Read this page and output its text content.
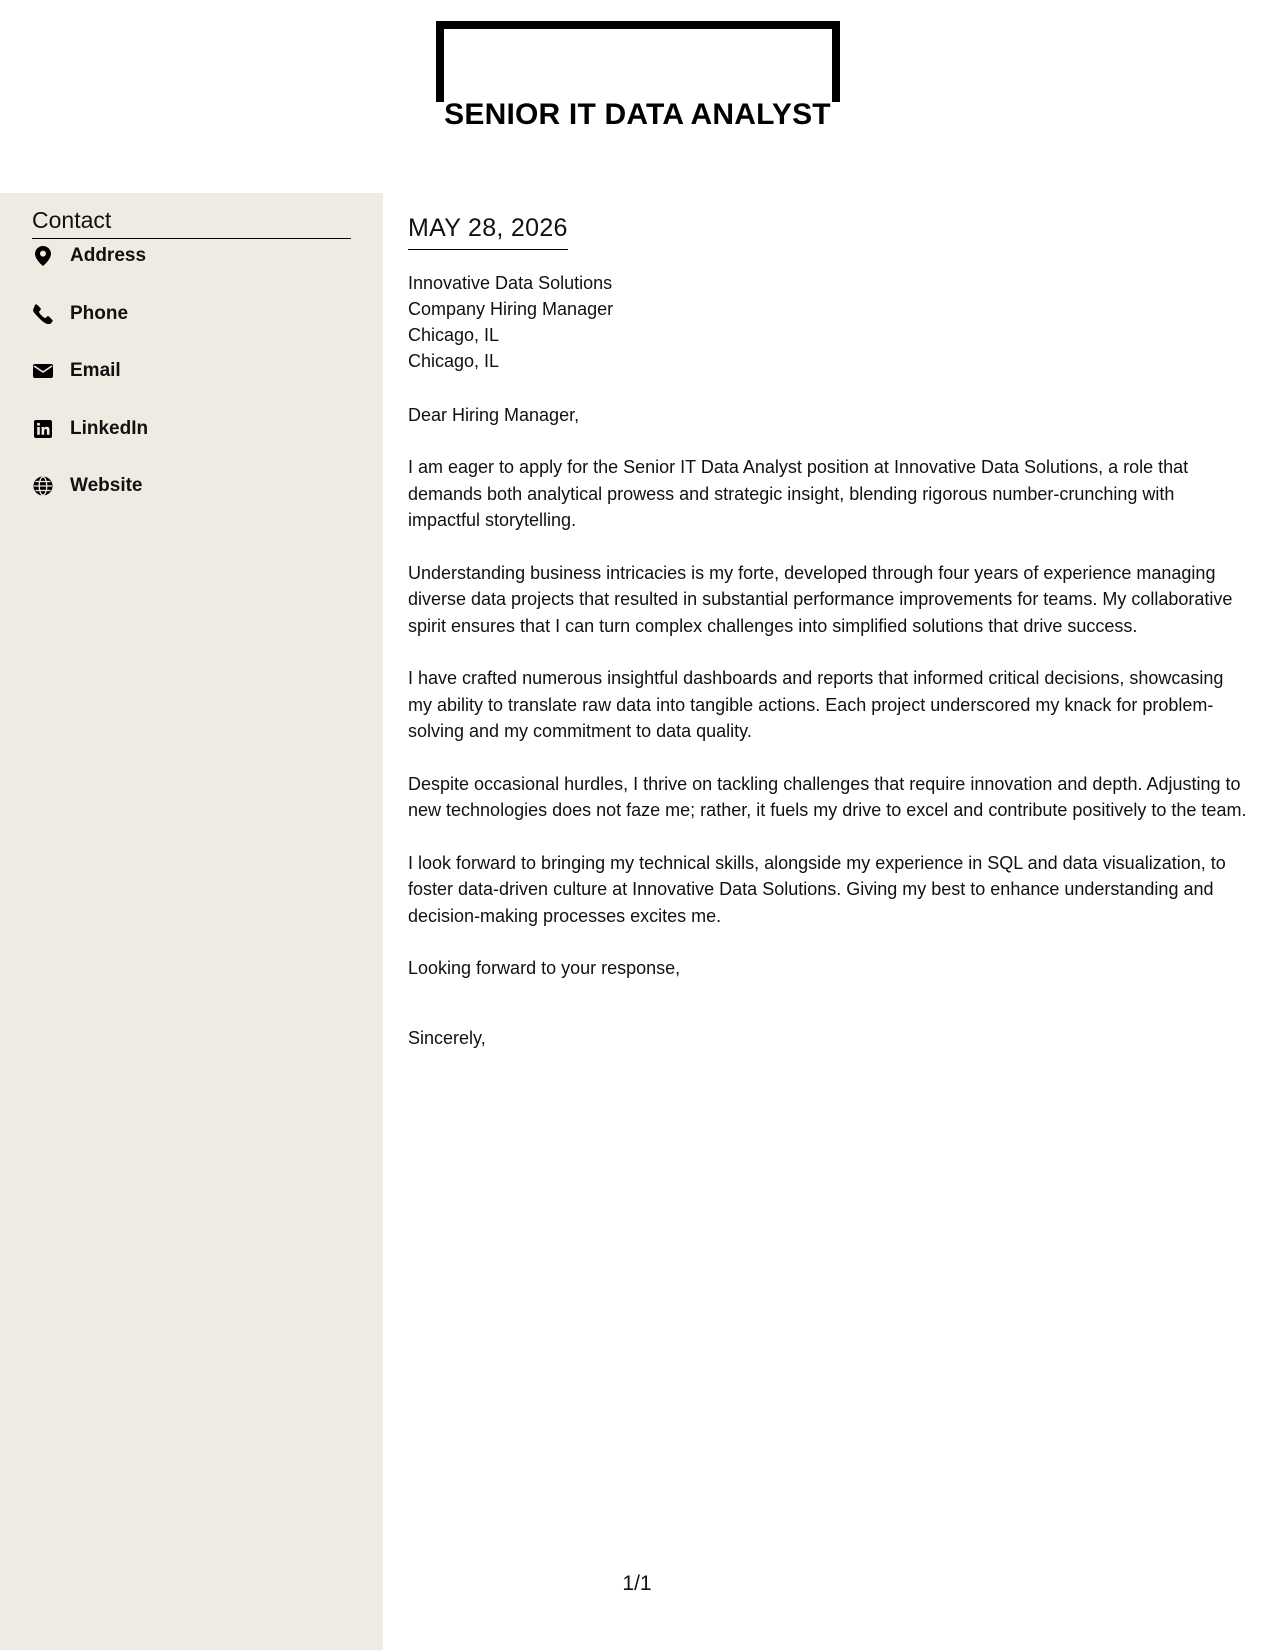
SENIOR IT DATA ANALYST
Contact
Address
Phone
Email
LinkedIn
Website
MAY 28, 2026
Innovative Data Solutions
Company Hiring Manager
Chicago, IL
Chicago, IL
Dear Hiring Manager,

I am eager to apply for the Senior IT Data Analyst position at Innovative Data Solutions, a role that demands both analytical prowess and strategic insight, blending rigorous number-crunching with impactful storytelling.

Understanding business intricacies is my forte, developed through four years of experience managing diverse data projects that resulted in substantial performance improvements for teams. My collaborative spirit ensures that I can turn complex challenges into simplified solutions that drive success.

I have crafted numerous insightful dashboards and reports that informed critical decisions, showcasing my ability to translate raw data into tangible actions. Each project underscored my knack for problem-solving and my commitment to data quality.

Despite occasional hurdles, I thrive on tackling challenges that require innovation and depth. Adjusting to new technologies does not faze me; rather, it fuels my drive to excel and contribute positively to the team.

I look forward to bringing my technical skills, alongside my experience in SQL and data visualization, to foster data-driven culture at Innovative Data Solutions. Giving my best to enhance understanding and decision-making processes excites me.

Looking forward to your response,
Sincerely,
1/1
